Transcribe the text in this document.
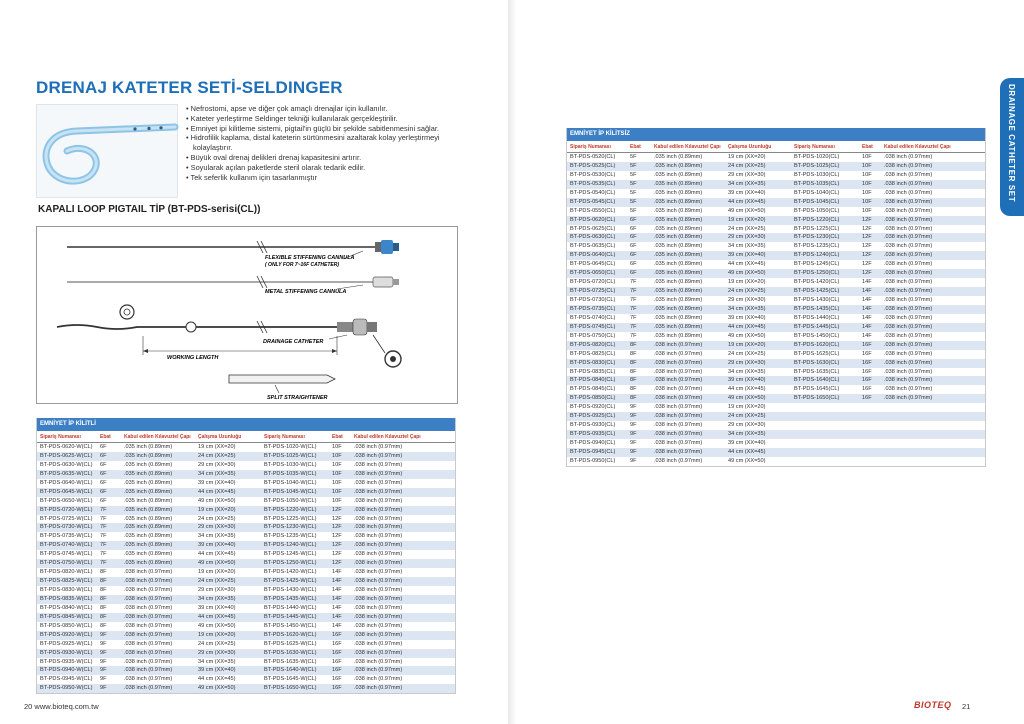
DRENAJ KATETER SETİ-SELDINGER
• Nefrostomi, apse ve diğer çok amaçlı drenajlar için kullanılır.
• Kateter yerleştirme Seldinger tekniği kullanılarak gerçekleştirilir.
• Emniyet ipi kilitleme sistemi, pigtail'in güçlü bir şekilde sabitlenmesini sağlar.
• Hidrofilik kaplama, distal kateterin sürtünmesini azaltarak kolay yerleştirmeyi kolaylaştırır.
• Büyük oval drenaj delikleri drenaj kapasitesini artırır.
• Soyularak açılan paketlerde steril olarak tedarik edilir.
• Tek seferlik kullanım için tasarlanmıştır
KAPALI LOOP PIGTAIL TİP (BT-PDS-serisi(CL))
FLEXIBLE STIFFENING CANNULA
( ONLY FOR 7~16F CATHETER)
METAL STIFFENING CANNULA
DRAINAGE CATHETER
WORKING LENGTH
SPLIT STRAIGHTENER
EMNİYET İP KİLİTLİ
Sipariş Numarası	Ebat	Kabul edilen Kılavuztel Çapı	Çalışma Uzunluğu	Sipariş Numarası	Ebat	Kabul edilen Kılavuztel Çapı
BT-PDS-0620-W(CL)	6F	.035 inch (0.89mm)	19 cm (XX=20)	BT-PDS-1020-W(CL)	10F	.038 inch (0.97mm)
BT-PDS-0625-W(CL)	6F	.035 inch (0.89mm)	24 cm (XX=25)	BT-PDS-1025-W(CL)	10F	.038 inch (0.97mm)
BT-PDS-0630-W(CL)	6F	.035 inch (0.89mm)	29 cm (XX=30)	BT-PDS-1030-W(CL)	10F	.038 inch (0.97mm)
BT-PDS-0635-W(CL)	6F	.035 inch (0.89mm)	34 cm (XX=35)	BT-PDS-1035-W(CL)	10F	.038 inch (0.97mm)
BT-PDS-0640-W(CL)	6F	.035 inch (0.89mm)	39 cm (XX=40)	BT-PDS-1040-W(CL)	10F	.038 inch (0.97mm)
BT-PDS-0645-W(CL)	6F	.035 inch (0.89mm)	44 cm (XX=45)	BT-PDS-1045-W(CL)	10F	.038 inch (0.97mm)
BT-PDS-0650-W(CL)	6F	.035 inch (0.89mm)	49 cm (XX=50)	BT-PDS-1050-W(CL)	10F	.038 inch (0.97mm)
BT-PDS-0720-W(CL)	7F	.035 inch (0.89mm)	19 cm (XX=20)	BT-PDS-1220-W(CL)	12F	.038 inch (0.97mm)
BT-PDS-0725-W(CL)	7F	.035 inch (0.89mm)	24 cm (XX=25)	BT-PDS-1225-W(CL)	12F	.038 inch (0.97mm)
BT-PDS-0730-W(CL)	7F	.035 inch (0.89mm)	29 cm (XX=30)	BT-PDS-1230-W(CL)	12F	.038 inch (0.97mm)
BT-PDS-0735-W(CL)	7F	.035 inch (0.89mm)	34 cm (XX=35)	BT-PDS-1235-W(CL)	12F	.038 inch (0.97mm)
BT-PDS-0740-W(CL)	7F	.035 inch (0.89mm)	39 cm (XX=40)	BT-PDS-1240-W(CL)	12F	.038 inch (0.97mm)
BT-PDS-0745-W(CL)	7F	.035 inch (0.89mm)	44 cm (XX=45)	BT-PDS-1245-W(CL)	12F	.038 inch (0.97mm)
BT-PDS-0750-W(CL)	7F	.035 inch (0.89mm)	49 cm (XX=50)	BT-PDS-1250-W(CL)	12F	.038 inch (0.97mm)
BT-PDS-0820-W(CL)	8F	.038 inch (0.97mm)	19 cm (XX=20)	BT-PDS-1420-W(CL)	14F	.038 inch (0.97mm)
BT-PDS-0825-W(CL)	8F	.038 inch (0.97mm)	24 cm (XX=25)	BT-PDS-1425-W(CL)	14F	.038 inch (0.97mm)
BT-PDS-0830-W(CL)	8F	.038 inch (0.97mm)	29 cm (XX=30)	BT-PDS-1430-W(CL)	14F	.038 inch (0.97mm)
BT-PDS-0835-W(CL)	8F	.038 inch (0.97mm)	34 cm (XX=35)	BT-PDS-1435-W(CL)	14F	.038 inch (0.97mm)
BT-PDS-0840-W(CL)	8F	.038 inch (0.97mm)	39 cm (XX=40)	BT-PDS-1440-W(CL)	14F	.038 inch (0.97mm)
BT-PDS-0845-W(CL)	8F	.038 inch (0.97mm)	44 cm (XX=45)	BT-PDS-1445-W(CL)	14F	.038 inch (0.97mm)
BT-PDS-0850-W(CL)	8F	.038 inch (0.97mm)	49 cm (XX=50)	BT-PDS-1450-W(CL)	14F	.038 inch (0.97mm)
BT-PDS-0920-W(CL)	9F	.038 inch (0.97mm)	19 cm (XX=20)	BT-PDS-1620-W(CL)	16F	.038 inch (0.97mm)
BT-PDS-0925-W(CL)	9F	.038 inch (0.97mm)	24 cm (XX=25)	BT-PDS-1625-W(CL)	16F	.038 inch (0.97mm)
BT-PDS-0930-W(CL)	9F	.038 inch (0.97mm)	29 cm (XX=30)	BT-PDS-1630-W(CL)	16F	.038 inch (0.97mm)
BT-PDS-0935-W(CL)	9F	.038 inch (0.97mm)	34 cm (XX=35)	BT-PDS-1635-W(CL)	16F	.038 inch (0.97mm)
BT-PDS-0940-W(CL)	9F	.038 inch (0.97mm)	39 cm (XX=40)	BT-PDS-1640-W(CL)	16F	.038 inch (0.97mm)
BT-PDS-0945-W(CL)	9F	.038 inch (0.97mm)	44 cm (XX=45)	BT-PDS-1645-W(CL)	16F	.038 inch (0.97mm)
BT-PDS-0950-W(CL)	9F	.038 inch (0.97mm)	49 cm (XX=50)	BT-PDS-1650-W(CL)	16F	.038 inch (0.97mm)
EMNİYET İP KİLİTSİZ
Sipariş Numarası	Ebat	Kabul edilen Kılavuztel Çapı	Çalışma Uzunluğu	Sipariş Numarası	Ebat	Kabul edilen Kılavuztel Çapı
BT-PDS-0520(CL)	5F	.035 inch (0.89mm)	19 cm (XX=20)	BT-PDS-1020(CL)	10F	.038 inch (0.97mm)
BT-PDS-0525(CL)	5F	.035 inch (0.89mm)	24 cm (XX=25)	BT-PDS-1025(CL)	10F	.038 inch (0.97mm)
BT-PDS-0530(CL)	5F	.035 inch (0.89mm)	29 cm (XX=30)	BT-PDS-1030(CL)	10F	.038 inch (0.97mm)
BT-PDS-0535(CL)	5F	.035 inch (0.89mm)	34 cm (XX=35)	BT-PDS-1035(CL)	10F	.038 inch (0.97mm)
BT-PDS-0540(CL)	5F	.035 inch (0.89mm)	39 cm (XX=40)	BT-PDS-1040(CL)	10F	.038 inch (0.97mm)
BT-PDS-0545(CL)	5F	.035 inch (0.89mm)	44 cm (XX=45)	BT-PDS-1045(CL)	10F	.038 inch (0.97mm)
BT-PDS-0550(CL)	5F	.035 inch (0.89mm)	49 cm (XX=50)	BT-PDS-1050(CL)	10F	.038 inch (0.97mm)
BT-PDS-0620(CL)	6F	.035 inch (0.89mm)	19 cm (XX=20)	BT-PDS-1220(CL)	12F	.038 inch (0.97mm)
BT-PDS-0625(CL)	6F	.035 inch (0.89mm)	24 cm (XX=25)	BT-PDS-1225(CL)	12F	.038 inch (0.97mm)
BT-PDS-0630(CL)	6F	.035 inch (0.89mm)	29 cm (XX=30)	BT-PDS-1230(CL)	12F	.038 inch (0.97mm)
BT-PDS-0635(CL)	6F	.035 inch (0.89mm)	34 cm (XX=35)	BT-PDS-1235(CL)	12F	.038 inch (0.97mm)
BT-PDS-0640(CL)	6F	.035 inch (0.89mm)	39 cm (XX=40)	BT-PDS-1240(CL)	12F	.038 inch (0.97mm)
BT-PDS-0645(CL)	6F	.035 inch (0.89mm)	44 cm (XX=45)	BT-PDS-1245(CL)	12F	.038 inch (0.97mm)
BT-PDS-0650(CL)	6F	.035 inch (0.89mm)	49 cm (XX=50)	BT-PDS-1250(CL)	12F	.038 inch (0.97mm)
BT-PDS-0720(CL)	7F	.035 inch (0.89mm)	19 cm (XX=20)	BT-PDS-1420(CL)	14F	.038 inch (0.97mm)
BT-PDS-0725(CL)	7F	.035 inch (0.89mm)	24 cm (XX=25)	BT-PDS-1425(CL)	14F	.038 inch (0.97mm)
BT-PDS-0730(CL)	7F	.035 inch (0.89mm)	29 cm (XX=30)	BT-PDS-1430(CL)	14F	.038 inch (0.97mm)
BT-PDS-0735(CL)	7F	.035 inch (0.89mm)	34 cm (XX=35)	BT-PDS-1435(CL)	14F	.038 inch (0.97mm)
BT-PDS-0740(CL)	7F	.035 inch (0.89mm)	39 cm (XX=40)	BT-PDS-1440(CL)	14F	.038 inch (0.97mm)
BT-PDS-0745(CL)	7F	.035 inch (0.89mm)	44 cm (XX=45)	BT-PDS-1445(CL)	14F	.038 inch (0.97mm)
BT-PDS-0750(CL)	7F	.035 inch (0.89mm)	49 cm (XX=50)	BT-PDS-1450(CL)	14F	.038 inch (0.97mm)
BT-PDS-0820(CL)	8F	.038 inch (0.97mm)	19 cm (XX=20)	BT-PDS-1620(CL)	16F	.038 inch (0.97mm)
BT-PDS-0825(CL)	8F	.038 inch (0.97mm)	24 cm (XX=25)	BT-PDS-1625(CL)	16F	.038 inch (0.97mm)
BT-PDS-0830(CL)	8F	.038 inch (0.97mm)	29 cm (XX=30)	BT-PDS-1630(CL)	16F	.038 inch (0.97mm)
BT-PDS-0835(CL)	8F	.038 inch (0.97mm)	34 cm (XX=35)	BT-PDS-1635(CL)	16F	.038 inch (0.97mm)
BT-PDS-0840(CL)	8F	.038 inch (0.97mm)	39 cm (XX=40)	BT-PDS-1640(CL)	16F	.038 inch (0.97mm)
BT-PDS-0845(CL)	8F	.038 inch (0.97mm)	44 cm (XX=45)	BT-PDS-1645(CL)	16F	.038 inch (0.97mm)
BT-PDS-0850(CL)	8F	.038 inch (0.97mm)	49 cm (XX=50)	BT-PDS-1650(CL)	16F	.038 inch (0.97mm)
BT-PDS-0920(CL)	9F	.038 inch (0.97mm)	19 cm (XX=20)
BT-PDS-0925(CL)	9F	.038 inch (0.97mm)	24 cm (XX=25)
BT-PDS-0930(CL)	9F	.038 inch (0.97mm)	29 cm (XX=30)
BT-PDS-0935(CL)	9F	.038 inch (0.97mm)	34 cm (XX=35)
BT-PDS-0940(CL)	9F	.038 inch (0.97mm)	39 cm (XX=40)
BT-PDS-0945(CL)	9F	.038 inch (0.97mm)	44 cm (XX=45)
BT-PDS-0950(CL)	9F	.038 inch (0.97mm)	49 cm (XX=50)
20 www.bioteq.com.tw	BIOTEQ 21
DRAINAGE CATHETER SET
